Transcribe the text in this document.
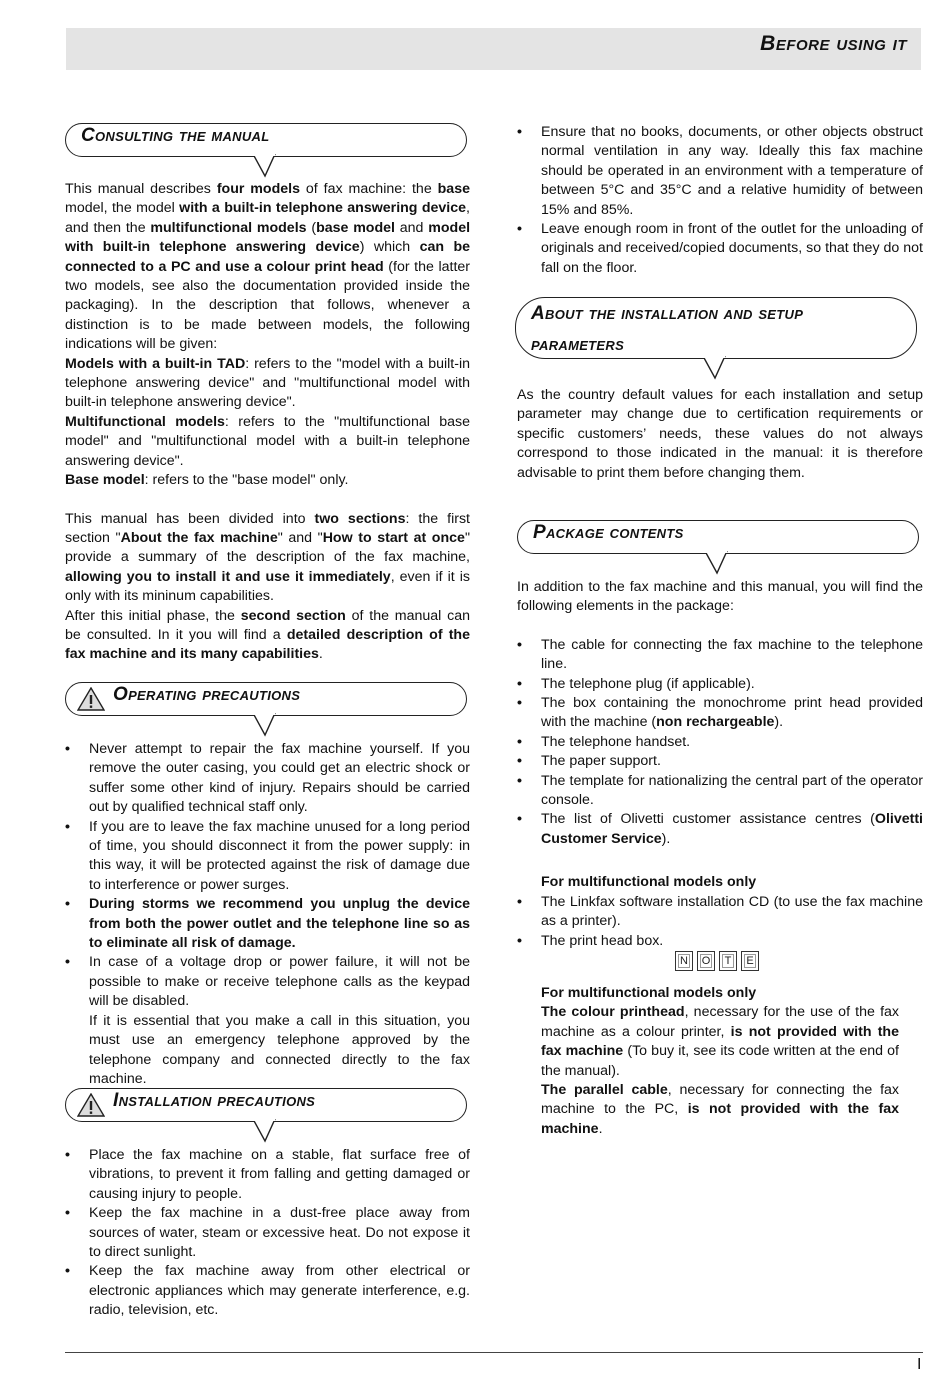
Before using it
Consulting the manual

This manual describes four models of fax machine: the base model, the model with a built-in telephone answering device, and then the multifunctional models (base model and model with built-in telephone answering device) which can be connected to a PC and use a colour print head (for the latter two models, see also the documentation provided inside the packaging). In the description that follows, whenever a distinction is to be made between models, the following indications will be given:

Models with a built-in TAD: refers to the "model with a built-in telephone answering device" and "multifunctional model with built-in telephone answering device".

Multifunctional models: refers to the "multifunctional base model" and "multifunctional model with a built-in telephone answering device".

Base model: refers to the "base model" only.

This manual has been divided into two sections: the first section "About the fax machine" and "How to start at once" provide a summary of the description of the fax machine, allowing you to install it and use it immediately, even if it is only with its mininum capabilities.

After this initial phase, the second section of the manual can be consulted. In it you will find a detailed description of the fax machine and its many capabilities.

Operating precautions
• Never attempt to repair the fax machine yourself. If you remove the outer casing, you could get an electric shock or suffer some other kind of injury. Repairs should be carried out by qualified technical staff only.
• If you are to leave the fax machine unused for a long period of time, you should disconnect it from the power supply: in this way, it will be protected against the risk of damage due to interference or power surges.
• During storms we recommend you unplug the device from both the power outlet and the telephone line so as to eliminate all risk of damage.
• In case of a voltage drop or power failure, it will not be possible to make or receive telephone calls as the keypad will be disabled.

If it is essential that you make a call in this situation, you must use an emergency telephone approved by the telephone company and connected directly to the fax machine.

Installation precautions
• Place the fax machine on a stable, flat surface free of vibrations, to prevent it from falling and getting damaged or causing injury to people.
• Keep the fax machine in a dust-free place away from sources of water, steam or excessive heat. Do not expose it to direct sunlight.
• Keep the fax machine away from other electrical or electronic appliances which may generate interference, e.g. radio, television, etc.
• Ensure that no books, documents, or other objects obstruct normal ventilation in any way. Ideally this fax machine should be operated in an environment with a temperature of between 5°C and 35°C and a relative humidity of between 15% and 85%.
• Leave enough room in front of the outlet for the unloading of originals and received/copied documents, so that they do not fall on the floor.
About the installation and setup
parameters

As the country default values for each installation and setup parameter may change due to certification requirements or specific customers’ needs, these values do not always correspond to those indicated in the manual: it is therefore advisable to print them before changing them.

Package contents

In addition to the fax machine and this manual, you will find the following elements in the package:

• The cable for connecting the fax machine to the telephone line.
• The telephone plug (if applicable).
• The box containing the monochrome print head provided with the machine (non rechargeable).
• The telephone handset.
• The paper support.
• The template for nationalizing the central part of the operator console.
• The list of Olivetti customer assistance centres (Olivetti Customer Service).

For multifunctional models only

• The Linkfax software installation CD (to use the fax machine as a printer).
• The print head box.
N	O	T	E

For multifunctional models only

The colour printhead, necessary for the use of the fax machine as a colour printer, is not provided with the fax machine (To buy it, see its code written at the end of the manual).

The parallel cable, necessary for connecting the fax machine to the PC, is not provided with the fax machine.

I
